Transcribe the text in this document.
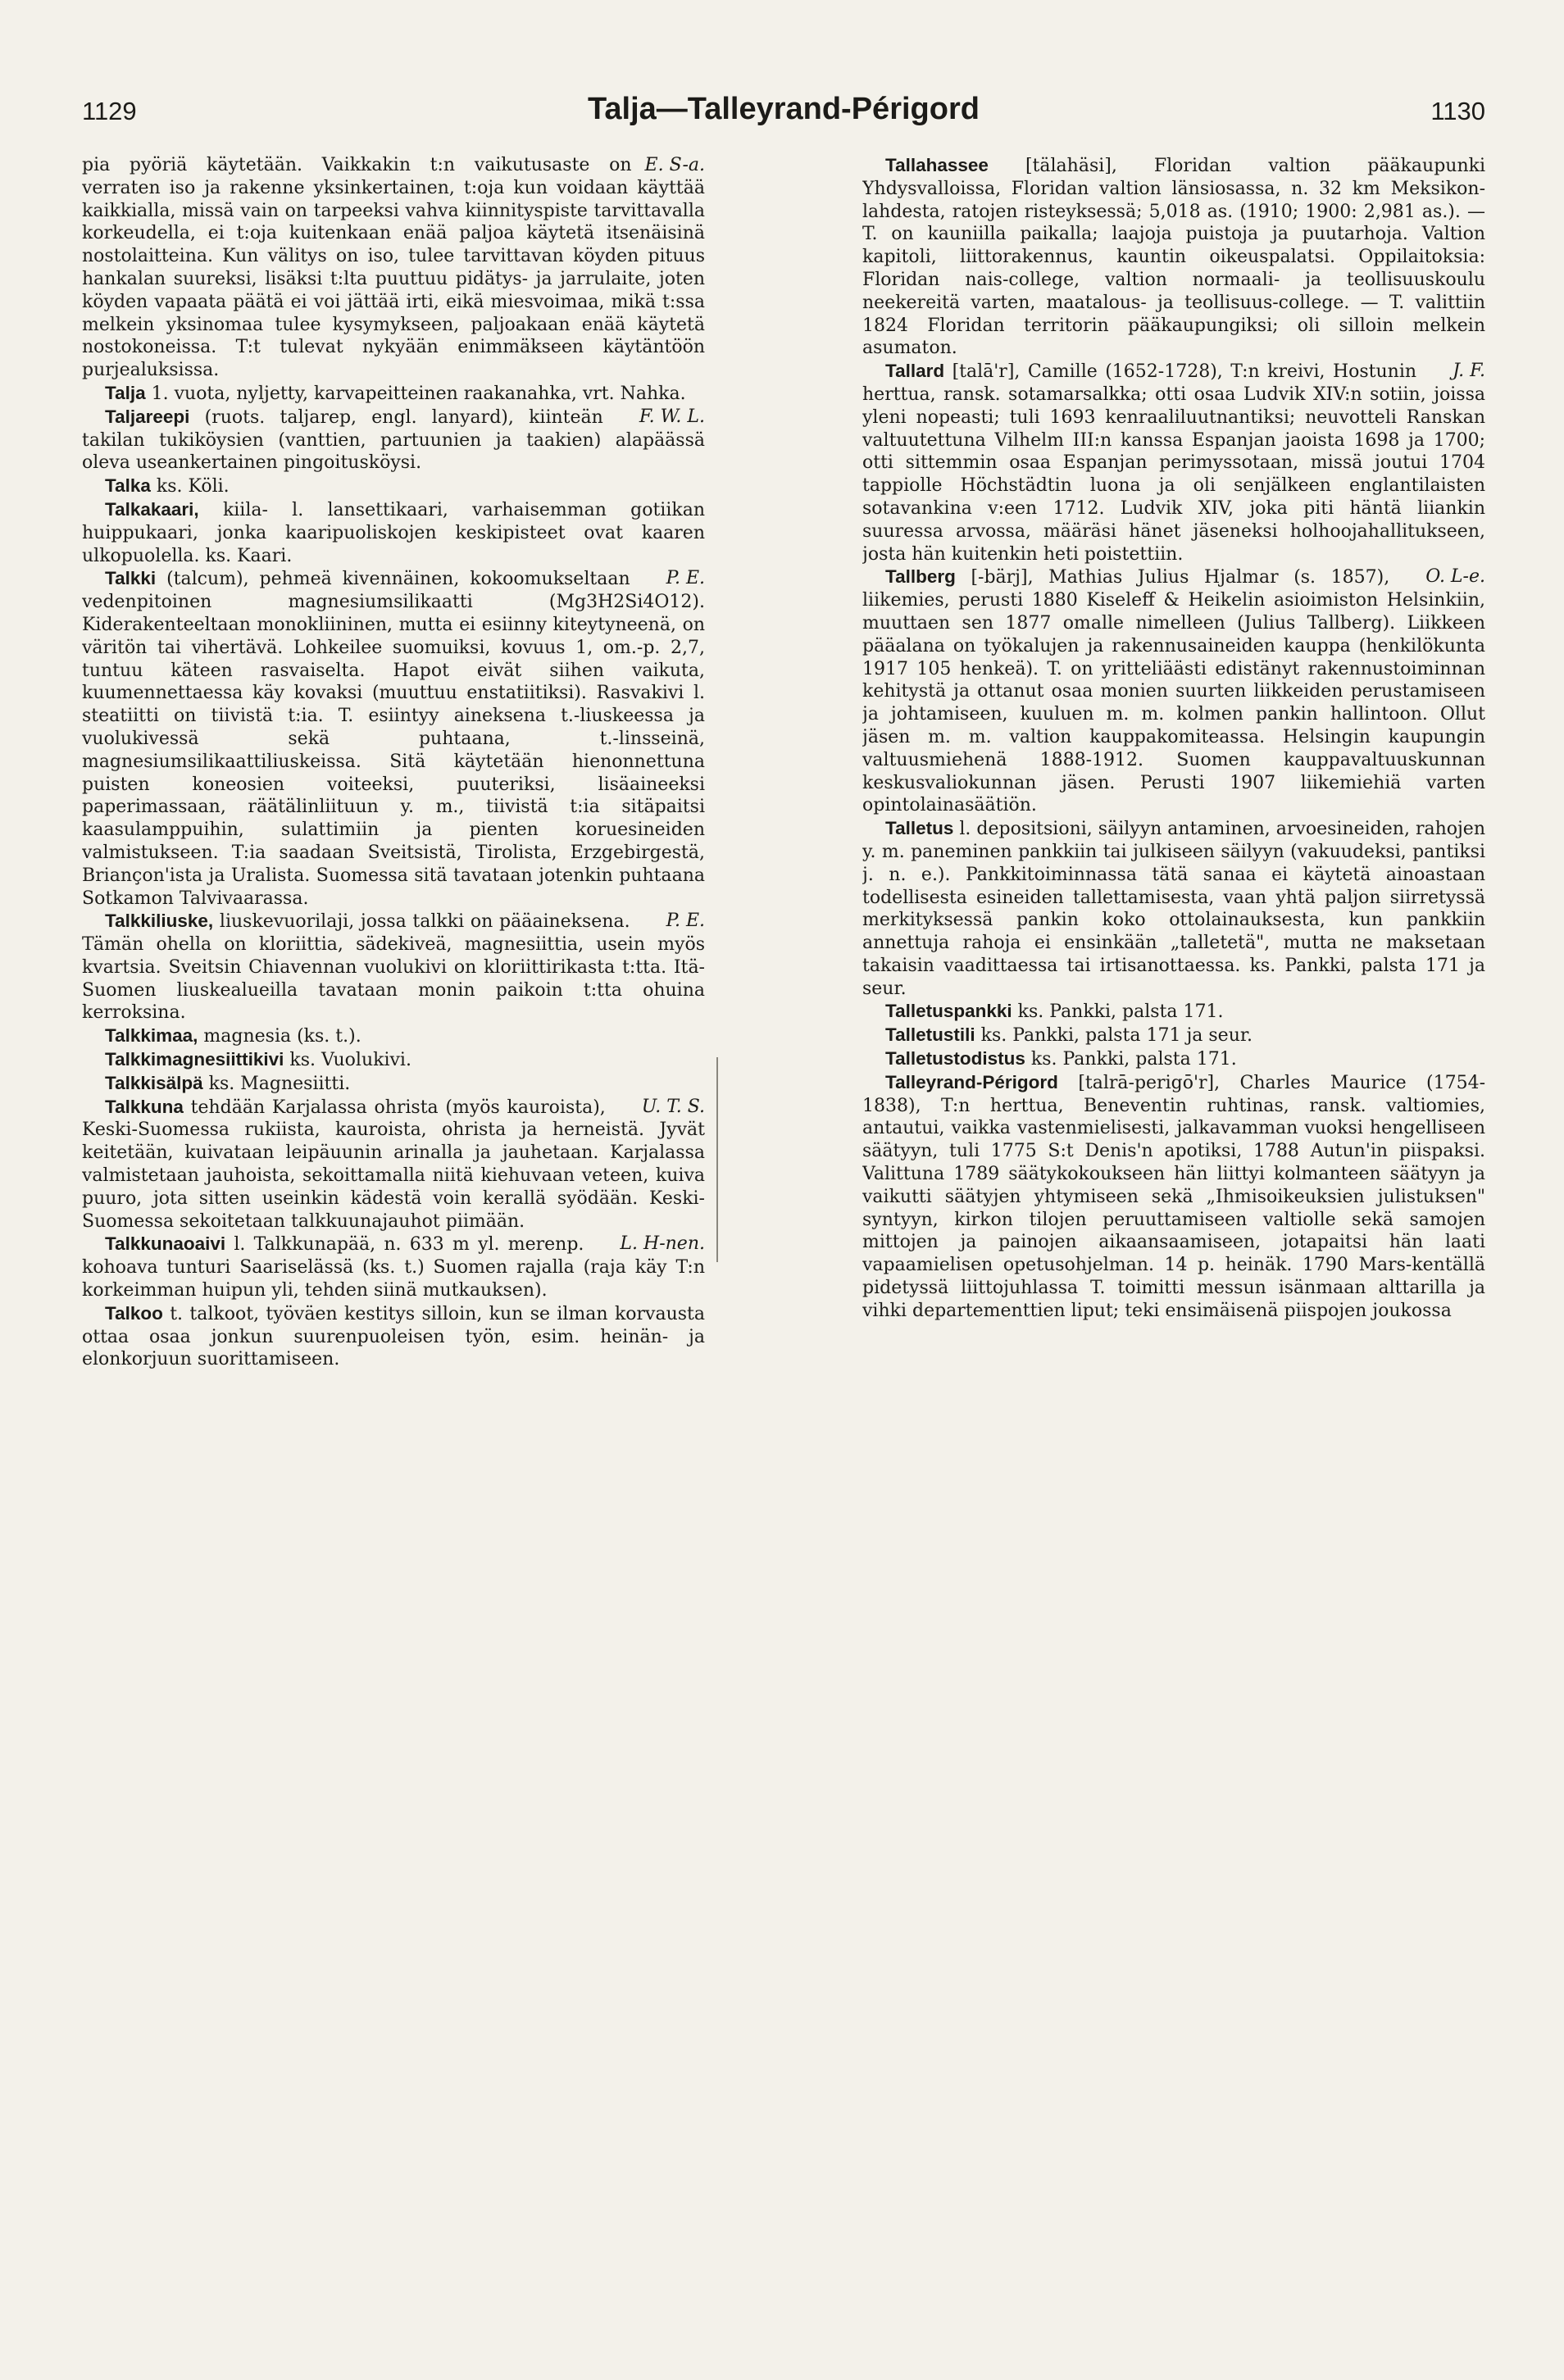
1129	Talja—Talleyrand-Périgord	1130

E. S-a.
pia pyöriä käytetään. Vaikkakin t:n vaikutusaste on verraten iso ja rakenne yksinkertainen, t:oja kun voidaan käyttää kaikkialla, missä vain on tarpeeksi vahva kiinnityspiste tarvittavalla korkeudella, ei t:oja kuitenkaan enää paljoa käytetä itsenäisinä nostolaitteina. Kun välitys on iso, tulee tarvittavan köyden pituus hankalan suureksi, lisäksi t:lta puuttuu pidätys- ja jarrulaite, joten köyden vapaata päätä ei voi jättää irti, eikä miesvoimaa, mikä t:ssa melkein yksinomaa tulee kysymykseen, paljoakaan enää käytetä nostokoneissa. T:t tulevat nykyään enimmäkseen käytäntöön purjealuksissa.

Talja 1. vuota, nyljetty, karvapeitteinen raakanahka, vrt. Nahka.

F. W. L.
Taljareepi (ruots. taljarep, engl. lanyard), kiinteän takilan tukiköysien (vanttien, partuunien ja taakien) alapäässä oleva useankertainen pingoitusköysi.

Talka ks. Köli.

Talkakaari, kiila- l. lansettikaari, varhaisemman gotiikan huippukaari, jonka kaaripuoliskojen keskipisteet ovat kaaren ulkopuolella. ks. Kaari.

P. E.
Talkki (talcum), pehmeä kivennäinen, kokoomukseltaan vedenpitoinen magnesiumsilikaatti (Mg3H2Si4O12). Kiderakenteeltaan monokliininen, mutta ei esiinny kiteytyneenä, on väritön tai vihertävä. Lohkeilee suomuiksi, kovuus 1, om.-p. 2,7, tuntuu käteen rasvaiselta. Hapot eivät siihen vaikuta, kuumennettaessa käy kovaksi (muuttuu enstatiitiksi). Rasvakivi l. steatiitti on tiivistä t:ia. T. esiintyy aineksena t.-liuskeessa ja vuolukivessä sekä puhtaana, t.-linsseinä, magnesiumsilikaattiliuskeissa. Sitä käytetään hienonnettuna puisten koneosien voiteeksi, puuteriksi, lisäaineeksi paperimassaan, räätälinliituun y. m., tiivistä t:ia sitäpaitsi kaasulamppuihin, sulattimiin ja pienten koruesineiden valmistukseen. T:ia saadaan Sveitsistä, Tirolista, Erzgebirgestä, Briançon'ista ja Uralista. Suomessa sitä tavataan jotenkin puhtaana Sotkamon Talvivaarassa.

P. E.
Talkkiliuske, liuskevuorilaji, jossa talkki on pääaineksena. Tämän ohella on kloriittia, sädekiveä, magnesiittia, usein myös kvartsia. Sveitsin Chiavennan vuolukivi on kloriittirikasta t:tta. Itä-Suomen liuskealueilla tavataan monin paikoin t:tta ohuina kerroksina.

Talkkimaa, magnesia (ks. t.).

Talkkimagnesiittikivi ks. Vuolukivi.

Talkkisälpä ks. Magnesiitti.

U. T. S.
Talkkuna tehdään Karjalassa ohrista (myös kauroista), Keski-Suomessa rukiista, kauroista, ohrista ja herneistä. Jyvät keitetään, kuivataan leipäuunin arinalla ja jauhetaan. Karjalassa valmistetaan jauhoista, sekoittamalla niitä kiehuvaan veteen, kuiva puuro, jota sitten useinkin kädestä voin kerallä syödään. Keski-Suomessa sekoitetaan talkkuunajauhot piimään.

L. H-nen.
Talkkunaoaivi l. Talkkunapää, n. 633 m yl. merenp. kohoava tunturi Saariselässä (ks. t.) Suomen rajalla (raja käy T:n korkeimman huipun yli, tehden siinä mutkauksen).

Talkoo t. talkoot, työväen kestitys silloin, kun se ilman korvausta ottaa osaa jonkun suurenpuoleisen työn, esim. heinän- ja elonkorjuun suorittamiseen.

Tallahassee [tälahäsi], Floridan valtion pääkaupunki Yhdysvalloissa, Floridan valtion länsiosassa, n. 32 km Meksikon-lahdesta, ratojen risteyksessä; 5,018 as. (1910; 1900: 2,981 as.). — T. on kauniilla paikalla; laajoja puistoja ja puutarhoja. Valtion kapitoli, liittorakennus, kauntin oikeuspalatsi. Oppilaitoksia: Floridan nais-college, valtion normaali- ja teollisuuskoulu neekereitä varten, maatalous- ja teollisuus-college. — T. valittiin 1824 Floridan territorin pääkaupungiksi; oli silloin melkein asumaton.

J. F.
Tallard [talā'r], Camille (1652-1728), T:n kreivi, Hostunin herttua, ransk. sotamarsalkka; otti osaa Ludvik XIV:n sotiin, joissa yleni nopeasti; tuli 1693 kenraaliluutnantiksi; neuvotteli Ranskan valtuutettuna Vilhelm III:n kanssa Espanjan jaoista 1698 ja 1700; otti sittemmin osaa Espanjan perimyssotaan, missä joutui 1704 tappiolle Höchstädtin luona ja oli senjälkeen englantilaisten sotavankina v:een 1712. Ludvik XIV, joka piti häntä liiankin suuressa arvossa, määräsi hänet jäseneksi holhoojahallitukseen, josta hän kuitenkin heti poistettiin.

O. L-e.
Tallberg [-bärj], Mathias Julius Hjalmar (s. 1857), liikemies, perusti 1880 Kiseleff & Heikelin asioimiston Helsinkiin, muuttaen sen 1877 omalle nimelleen (Julius Tallberg). Liikkeen pääalana on työkalujen ja rakennusaineiden kauppa (henkilökunta 1917 105 henkeä). T. on yritteliäästi edistänyt rakennustoiminnan kehitystä ja ottanut osaa monien suurten liikkeiden perustamiseen ja johtamiseen, kuuluen m. m. kolmen pankin hallintoon. Ollut jäsen m. m. valtion kauppakomiteassa. Helsingin kaupungin valtuusmiehenä 1888-1912. Suomen kauppavaltuuskunnan keskusvaliokunnan jäsen. Perusti 1907 liikemiehiä varten opintolainasäätiön.

Talletus l. depositsioni, säilyyn antaminen, arvoesineiden, rahojen y. m. paneminen pankkiin tai julkiseen säilyyn (vakuudeksi, pantiksi j. n. e.). Pankkitoiminnassa tätä sanaa ei käytetä ainoastaan todellisesta esineiden tallettamisesta, vaan yhtä paljon siirretyssä merkityksessä pankin koko ottolainauksesta, kun pankkiin annettuja rahoja ei ensinkään „talletetä", mutta ne maksetaan takaisin vaadittaessa tai irtisanottaessa. ks. Pankki, palsta 171 ja seur.

Talletuspankki ks. Pankki, palsta 171.

Talletustili ks. Pankki, palsta 171 ja seur.

Talletustodistus ks. Pankki, palsta 171.

Talleyrand-Périgord [talrā-perigō'r], Charles Maurice (1754-1838), T:n herttua, Beneventin ruhtinas, ransk. valtiomies, antautui, vaikka vastenmielisesti, jalkavamman vuoksi hengelliseen säätyyn, tuli 1775 S:t Denis'n apotiksi, 1788 Autun'in piispaksi. Valittuna 1789 säätykokoukseen hän liittyi kolmanteen säätyyn ja vaikutti säätyjen yhtymiseen sekä „Ihmisoikeuksien julistuksen" syntyyn, kirkon tilojen peruuttamiseen valtiolle sekä samojen mittojen ja painojen aikaansaamiseen, jotapaitsi hän laati vapaamielisen opetusohjelman. 14 p. heinäk. 1790 Mars-kentällä pidetyssä liittojuhlassa T. toimitti messun isänmaan alttarilla ja vihki departementtien liput; teki ensimäisenä piispojen joukossa
